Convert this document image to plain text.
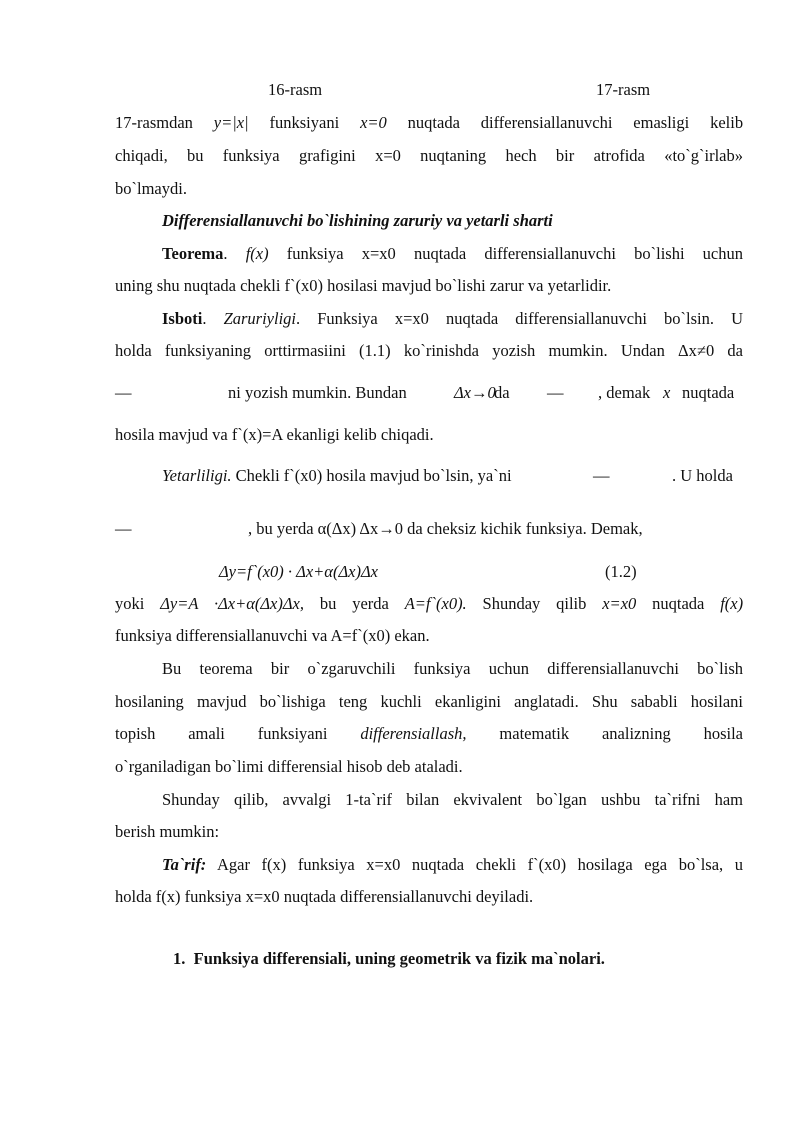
16-rasm	17-rasm
17-rasmdan y=|x| funksiyani x=0 nuqtada differensiallanuvchi emasligi kelib
chiqadi, bu funksiya grafigini x=0 nuqtaning hech bir atrofida «to`g`irlab»
bo`lmaydi.
Differensiallanuvchi bo`lishining zaruriy va yetarli sharti
Teorema. f(x) funksiya x=x0 nuqtada differensiallanuvchi bo`lishi uchun
uning shu nuqtada chekli f`(x0) hosilasi mavjud bo`lishi zarur va yetarlidir.
Isboti. Zaruriyligi. Funksiya x=x0 nuqtada differensiallanuvchi bo`lsin. U
holda funksiyaning orttirmasiini (1.1) ko`rinishda yozish mumkin. Undan Δx≠0 da
—	ni yozish mumkin. Bundan	Δx→0
da — , demak x nuqtada
hosila mavjud va f`(x)=A ekanligi kelib chiqadi.
Yetarliligi. Chekli f`(x0) hosila mavjud bo`lsin, ya`ni	—	. U holda
—	, bu yerda α(Δx) Δx→0 da cheksiz kichik funksiya. Demak,
Δy=f`(x0) · Δx+α(Δx)Δx	(1.2)
yoki Δy=A ·Δx+α(Δx)Δx, bu yerda A=f`(x0). Shunday qilib x=x0 nuqtada f(x)
funksiya differensiallanuvchi va A=f`(x0) ekan.
Bu teorema bir o`zgaruvchili funksiya uchun differensiallanuvchi bo`lish
hosilaning mavjud bo`lishiga teng kuchli ekanligini anglatadi. Shu sababli hosilani
topish amali funksiyani differensiallash, matematik analizning hosila
o`rganiladigan bo`limi differensial hisob deb ataladi.
Shunday qilib, avvalgi 1-ta`rif bilan ekvivalent bo`lgan ushbu ta`rifni ham
berish mumkin:
Ta`rif: Agar f(x) funksiya x=x0 nuqtada chekli f`(x0) hosilaga ega bo`lsa, u
holda f(x) funksiya x=x0 nuqtada differensiallanuvchi deyiladi.
1. Funksiya differensiali, uning geometrik va fizik ma`nolari.
